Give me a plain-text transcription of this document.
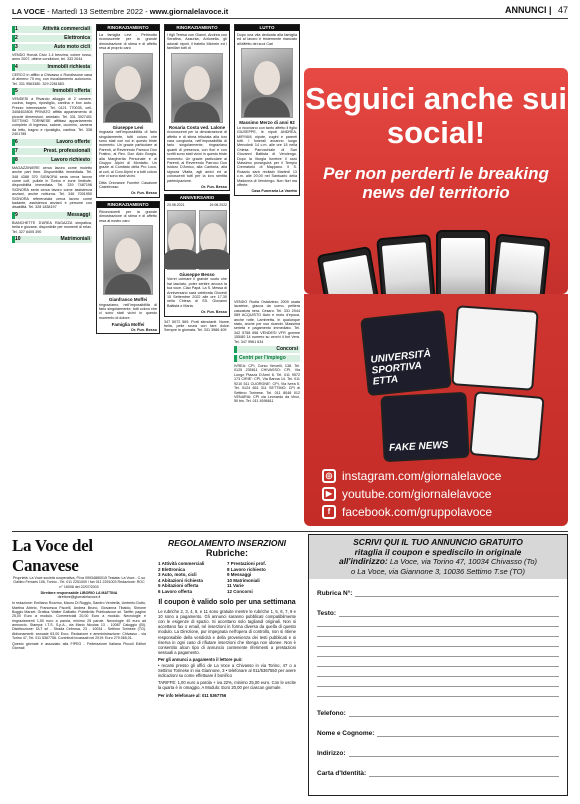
LA VOCE - Martedì 13 Settembre 2022 - www.giornalelavoce.it	ANNUNCI | 47
1	Attività commerciali
2	Elettronica
3	Auto moto cicli
VENDO Honda Civic 1.4 benzina, colore rosso, anno 2007, ottime condizioni, tel. 333 2044
4	Immobili richiesta
CERCO in affitto a Chivasso o Rondissone casa di almeno 70 mq, con riscaldamento autonomo. Tel. 331 9563380. 329 2281583.
5	Immobili offerta
VENDESI a Rivarolo alloggio di 2 camere, cucina, bagno, ripostiglio, cantina e box auto. Prezzo interessante. Tel. 0121 770035, cell. 3408402808 PRIVATO affitta appartamento di piccole dimensioni, arredato. Tel. 331 3927401 SETTIMO TORINESE affittasi appartamento completo di ingresso, salone, cucinino, camera da letto, bagno e ripostiglio, cantina. Tel. 338 2401785
6	Lavoro offerte
7	Prest. professionali
8	Lavoro richiesto
MAGAZZINIERE cerca lavoro come muletto anche part time. Disponibilità immediata. Tel. 348 4388 370 SIGNORA seria cerca lavoro come colf, pulizie in Torino e zone limitrofe, disponibilità immediata. Tel. 339 7487196 SIGNORA seria cerca lavoro come assistenza anziani, anche notturna. Tel. 346 7001950 SIGNORA referenziata cerca lavoro come badante, assistenza anziani e persone con disabilità. Tel. 328 1838197
9	Messaggi
BIANCHETTE D'AREA RAGAZZA simpatica, bella e giovane, disponibile per momenti di relax. Tel. 327 6405 390
10	Matrimoniali
RINGRAZIAMENTO
La famiglia Levi - Petrinotto riconoscente per la grande dimostrazione di stima e di affetto resa al proprio caro
Giuseppe Levi
ringrazia nell'impossibilità di farlo singolarmente, tutti coloro che sono stati con noi in questo triste momento. Un grazie particolare ai Parenti, al Reverendo Parroco Don Fratino, al Rev. Don Aldo Borgia, alla Margherita Personale e al Gruppo Alpini di Montalto. Un grazie al Comitato della Pro Loco, ai cori, al Coro Alpini e a tutti coloro che ci sono stati vicini.
Ditta Onoranze Funebri Casalone Castelrosso
Or. Fun. Besso
RINGRAZIAMENTO
Riconoscenti per la grande dimostrazione di stima e di affetto resa al nostro caro
Gianfranco Moffei
ringraziamo, nell'impossibilità di farlo singolarmente, tutti coloro che ci sono stati vicini in questo momento di dolore.
Famiglia Moffei
Or. Fun. Besso
RINGRAZIAMENTO
I figli Teresa con Gianni, Andrea con Serafina, Assunta, Antonella, gli adorati nipoti, il fratello Michele ed i familiari tutti di
Rosaria Costa ved. Lalone
riconoscenti per la dimostrazione di affetto e di stima tributata alla loro cara congiunta, nell'impossibilità di farlo singolarmente, ringraziano quanti di presenza, con fiori e con scritti sono stati vicini in questo triste momento. Un grazie particolare ai Parenti, al Reverendo Parroco Don Isidoro D'Amico, alla Cantoria, alla signora Vilalta, agli amici ed ai conoscenti tutti per la loro sentita partecipazione.
Or. Fun. Besso
ANNIVERSARIO
20.08.2021	19.08.2022
Giuseppe Besso
Vorrei colmare il grande vuoto che hai lasciato, poter sentire ancora la tua voce. Ciao Papà. La S. Messa di Anniversario sarà celebrata Giovedì 15 Settembre 2022 alle ore 17,30 nella Chiesa di SS. Giovanni Battista e Maria.
Or. Fun. Besso
347 5072 569. Porti stimolanti. Nome, bella, pelle scura con fare dolce. Sempre in giornata. Tel. 331 3986 409
LUTTO
Dopo una vita dedicata alla famiglia ed al lavoro è tristemente mancato all'affetto dei suoi Cari
Massimo Merzo di anni 92
Lo ricordano con tanto affetto il figlio GIUSEPPE, le nipoti ANDREA, MIRYAM, nipote, cugini e parenti tutti. I funerali avranno luogo Mercoledì 14 c.m. alle ore 15 nella Chiesa Parrocchiale di San Giovanni Battista di Verolengo. Dopo la liturgia funebre il caro Massimo proseguirà per il Tempio Crematorio di Mappano. Il S. Rosario sarà recitato Martedì 13 c.m. alle 20,00 nel Santuario della Madonna di Verolengo. Non fiori ma offerte.
Casa Funeraria La Varetto
VENDO Rodia Ostalvieso 2009 usata lavatrice, giacca da uomo, peiliera cascatura nera. Cesaro. Tel. 331 2044 089 ACQUISTO Auto e moto d'epoca, anche rotte, Lambretta, in qualunque stato, anche per uso ricambi. Massima serietà e pagamento immediato. Tel. 342 5758 658 VENDESI VFR gomme 155/80 14 numero su cerchi 4 fori Vera. Tel. 347 9961 634
Concorsi
Centri per l'impiego
IVREA: CPI, Corso Vercelli, 138. Tel. 0125 235611 CHIVASSO: CPI, Via Lungo Piazza D'Armi 6. Tel. 011 9572 173 CIRIE': CPI, Via Banna 14. Tel. 011 9210 511 CUORGNE': CPI, Via Ivrea 5. Tel. 0124 651 311 SETTIMO: CPI di Settimo Torinese. Tel. 011 8048 012 VENARIA: CPI via Leonardo da Vinci, 50 bis. Tel. 011 4596611
Seguici anche sui social!
Per non perderti le breaking news del territorio
UNIVERSITÀ SPORTIVA ETTA
FAKE NEWS
◎ instagram.com/giornalelavoce
▶ youtube.com/giornalelavoce
f facebook.com/gruppolavoce
La Voce del Canavese
Proprietà: La Voce società cooperativa, P.iva 09934880015 Testata: La Voce - C.so Galileo Ferraris 106, Torino - Tel. 011 2251000 / fax 011 2251003 Redazione: ROC n° 16008 del 22/07/2003
Direttore responsabile LIBORIO LA MATTINA
direttore@giornalelavoce.it
In redazione: Emiliano Rozzino, Mauro Di Ruggio, Sandro Ventrella, Umberto Dutto, Martina Abbrio, Francesca Fiscelli, Andrea Bruno, Giovanna Tibaldo, Simone Boggio Marzet. Grafica: Walter Galliatto. Pubblicità: Publicalvoce srl. Tariffe: pagine 25,00 Euro a modulo. Commerciali 20,00 Euro a modulo. Necrologie e ringraziamenti 1,50 euro a parola, minimo 25 parole. Necrologie 40 euro ad annuncio. Stampa: I.T.S. S.p.A., via Mario Nicolas 13 - 10087 Caluggio (BI). Distribuzione: DLT srl - Strada Cebrosa, 23 - 10034 - Settimo Torinese (TO). Abbonamenti: annuale 63,00 Euro. Redazione e amministrazione: Chivasso - via Torino 47, Tel. 011 5367756. Contributi incassati nel 2019: Euro 279.065,01.
Questo giornale è associato alla FIPEG - Federazione Italiana Piccoli Editori Giornali
REGOLAMENTO INSERZIONI
Rubriche:
1 Attività commerciali
2 Elettronica
3 Auto, moto, cicli
4 Abitazioni richiesta
5 Abitazioni offerta
6 Lavoro offerta
7 Prestazioni prof.
8 Lavoro richiesto
9 Messaggi
10 Matrimoniali
11 Varie
12 Concorsi
Il coupon è valido solo per una settimana
Le rubriche 2, 3, 4, 8, e 11 sono gratuite mentre le rubriche 1, 5, 6, 7, 9 e 10 sono a pagamento. Gli annunci saranno pubblicati compatibilmente con le esigenze di spazio. Si accettano solo tagliandi originali. Non si accettano fax o email, né inserzioni in forma diversa da quella di questo modulo. La Direzione, pur impegnata nell'opera di controllo, non si ritiene responsabile della veridicità e della provenienza dei testi pubblicati e si riserva in ogni caso di rifiutare inserzioni che ritenga non idonee. Non è consentito alcun tipo di annuncio contenente riferimenti a prestazioni sessuali a pagamento.
Per gli annunci a pagamento il lettore può:
• recarsi presso gli uffici de La Voce a Chivasso in via Torino, 47 o a Settimo Torinese in via Giannone, 3 • telefonare al 011/5367550 per avere indicazioni su come effettuare il bonifico
TARIFFE: 1,00 euro a parola + iva 22%, minimo 25,00 euro. Con le uscite la quarta è in omaggio. A Modulo: Euro 20,00 per ciascun giornale.
Per info telefonare al: 011 5367756
SCRIVI QUI IL TUO ANNUNCIO GRATUITO
ritaglia il coupon e spediscilo in originale
all'indirizzo: La Voce, via Torino 47, 10034 Chivasso (To)
o La Voce, via Giannone 3, 10036 Settimo T.se (TO)
Rubrica N°:
Testo:
Telefono:
Nome e Cognome:
Indirizzo:
Carta d'Identità:
